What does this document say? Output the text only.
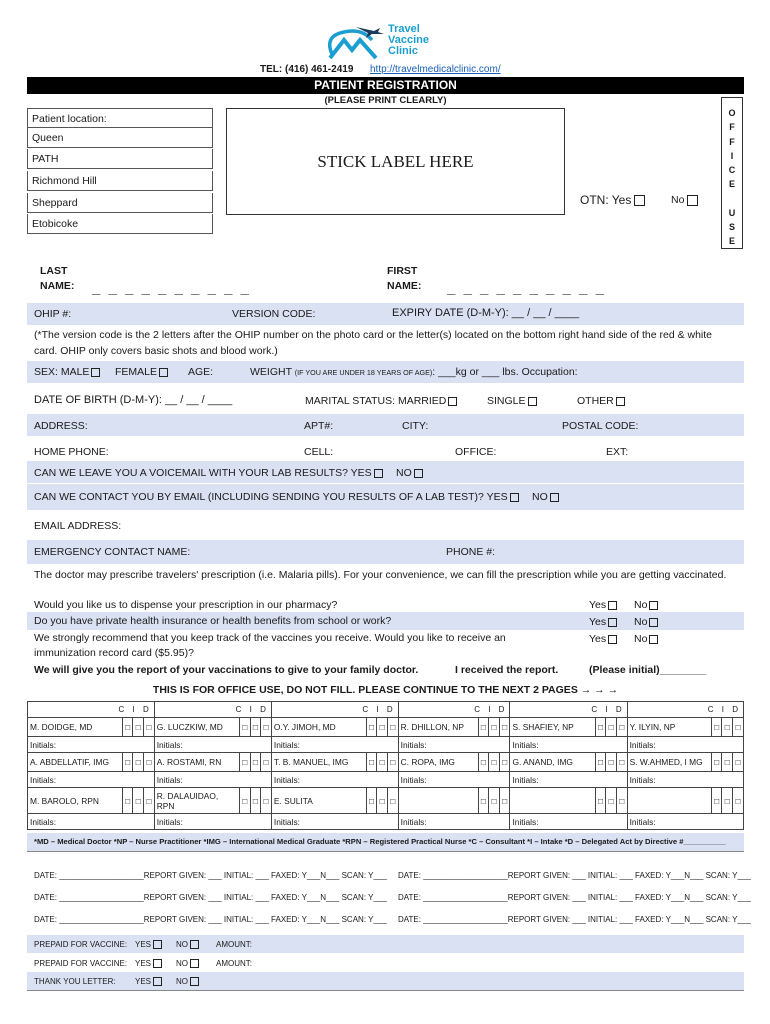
Travel
Vaccine
Clinic
TEL: (416) 461-2419 http://travelmedicalclinic.com/
PATIENT REGISTRATION
(PLEASE PRINT CLEARLY)
Patient location:
Queen
PATH
Richmond Hill
Sheppard
Etobicoke
STICK LABEL HERE
OTN: Yes	No
O
F
F
I
C
E
U
S
E
LAST
NAME: _ _ _ _ _ _ _ _ _ _
FIRST
NAME: _ _ _ _ _ _ _ _ _ _
OHIP #:	VERSION CODE:	EXPIRY DATE (D-M-Y): __ / __ / ____
(*The version code is the 2 letters after the OHIP number on the photo card or the letter(s) located on the bottom right hand side of the red & white card. OHIP only covers basic shots and blood work.)
SEX: MALE	FEMALE	AGE:	WEIGHT (IF YOU ARE UNDER 18 YEARS OF AGE): ___kg or ___ lbs. Occupation:
DATE OF BIRTH (D-M-Y): __ / __ / ____	MARITAL STATUS: MARRIED	SINGLE	OTHER
ADDRESS:	APT#:	CITY:	POSTAL CODE:
HOME PHONE:	CELL:	OFFICE:	EXT:
CAN WE LEAVE YOU A VOICEMAIL WITH YOUR LAB RESULTS? YES	NO
CAN WE CONTACT YOU BY EMAIL (INCLUDING SENDING YOU RESULTS OF A LAB TEST)? YES	NO
EMAIL ADDRESS:
EMERGENCY CONTACT NAME:	PHONE #:
The doctor may prescribe travelers' prescription (i.e. Malaria pills). For your convenience, we can fill the prescription while you are getting vaccinated.
Would you like us to dispense your prescription in our pharmacy?	Yes	No
Do you have private health insurance or health benefits from school or work?	Yes	No
We strongly recommend that you keep track of the vaccines you receive. Would you like to receive an
immunization record card ($5.95)?
Yes	No
We will give you the report of your vaccinations to give to your family doctor.	I received the report.	(Please initial)________
THIS IS FOR OFFICE USE, DO NOT FILL. PLEASE CONTINUE TO THE NEXT 2 PAGES → → →
C I D				C I D				C I D				C I D				C I D				C I D			
M. DOIDGE, MD	□	□	□	G. LUCZKIW, MD	□	□	□	O.Y. JIMOH, MD	□	□	□	R. DHILLON, NP	□	□	□	S. SHAFIEY, NP	□	□	□	Y. ILYIN, NP	□	□	□
Initials:				Initials:				Initials:				Initials:				Initials:				Initials:			
A. ABDELLATIF, IMG	□	□	□	A. ROSTAMI, RN	□	□	□	T. B. MANUEL, IMG	□	□	□	C. ROPA, IMG	□	□	□	G. ANAND, IMG	□	□	□	S. W.AHMED, I MG	□	□	□
Initials:				Initials:				Initials:				Initials:				Initials:				Initials:			
M. BAROLO, RPN	□	□	□	R. DALAUIDAO, RPN	□	□	□	E. SULITA	□	□	□		□	□	□		□	□	□		□	□	□
Initials:				Initials:				Initials:				Initials:				Initials:				Initials:			
*MD – Medical Doctor *NP – Nurse Practitioner *IMG – International Medical Graduate *RPN – Registered Practical Nurse *C – Consultant *I – Intake *D – Delegated Act by Directive #__________
DATE: ___________________REPORT GIVEN: ___ INITIAL: ___ FAXED: Y___N___ SCAN: Y___ DATE: ___________________REPORT GIVEN: ___ INITIAL: ___ FAXED: Y___N___ SCAN: Y___
DATE: ___________________REPORT GIVEN: ___ INITIAL: ___ FAXED: Y___N___ SCAN: Y___ DATE: ___________________REPORT GIVEN: ___ INITIAL: ___ FAXED: Y___N___ SCAN: Y___
DATE: ___________________REPORT GIVEN: ___ INITIAL: ___ FAXED: Y___N___ SCAN: Y___ DATE: ___________________REPORT GIVEN: ___ INITIAL: ___ FAXED: Y___N___ SCAN: Y___
PREPAID FOR VACCINE: YES	NO	AMOUNT:
PREPAID FOR VACCINE: YES	NO	AMOUNT:
THANK YOU LETTER: YES	NO
